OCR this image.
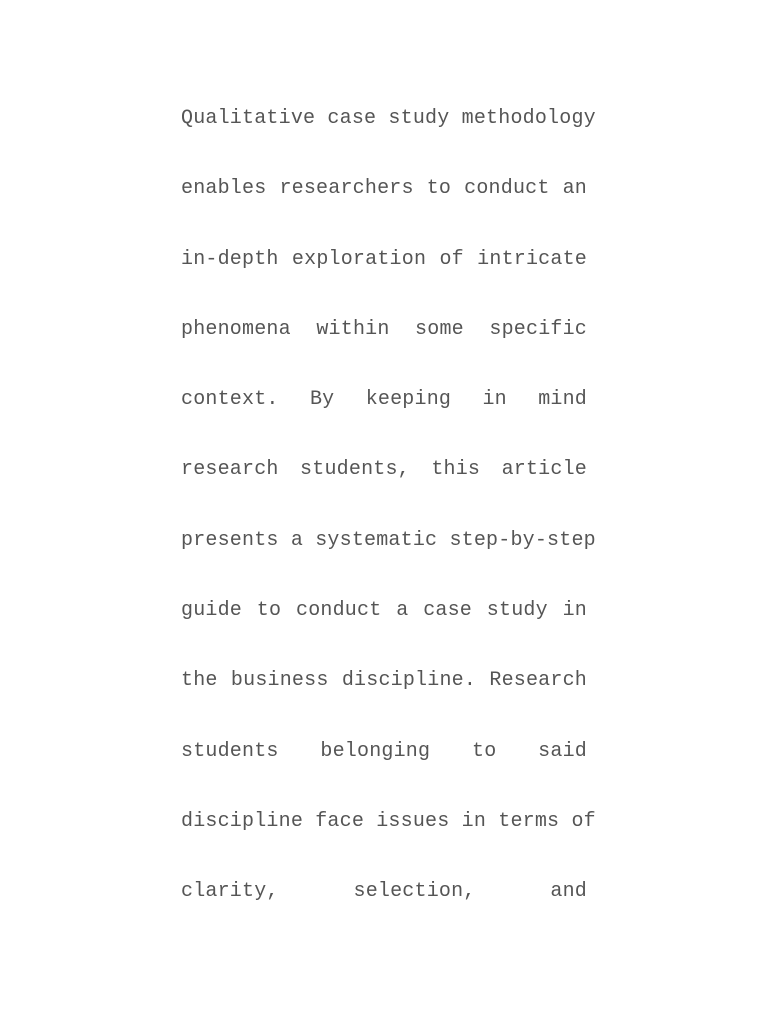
Qualitative case study methodology
enables researchers to conduct an
in-depth exploration of intricate
phenomena within some specific
context. By keeping in mind
research students, this article
presents a systematic step-by-step
guide to conduct a case study in
the business discipline. Research
students belonging to said
discipline face issues in terms of
clarity, selection, and
